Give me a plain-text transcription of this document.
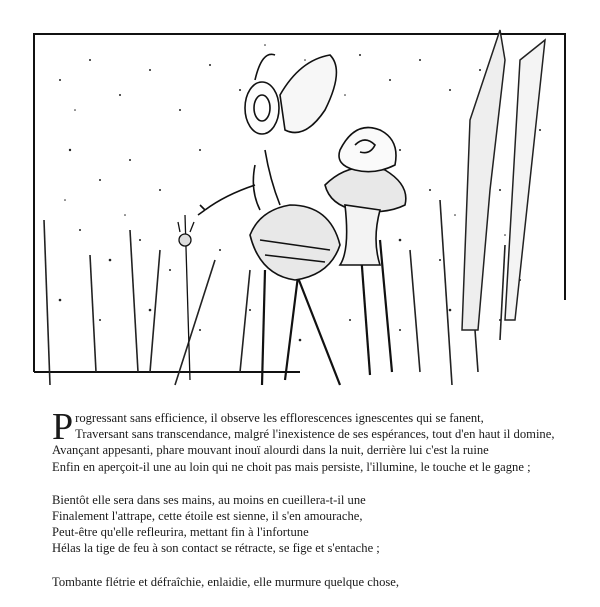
P rogressant sans efficience, il observe les efflorescences ignescentes qui se fanent,
Traversant sans transcendance, malgré l'inexistence de ses espérances, tout d'en haut il domine,
Avançant appesanti, phare mouvant inouï alourdi dans la nuit, derrière lui c'est la ruine
Enfin en aperçoit-il une au loin qui ne choit pas mais persiste, l'illumine, le touche et le gagne ;
Bientôt elle sera dans ses mains, au moins en cueillera-t-il une
Finalement l'attrape, cette étoile est sienne, il s'en amourache,
Peut-être qu'elle refleurira, mettant fin à l'infortune
Hélas la tige de feu à son contact se rétracte, se fige et s'entache ;
Tombante flétrie et défraîchie, enlaidie, elle murmure quelque chose,
